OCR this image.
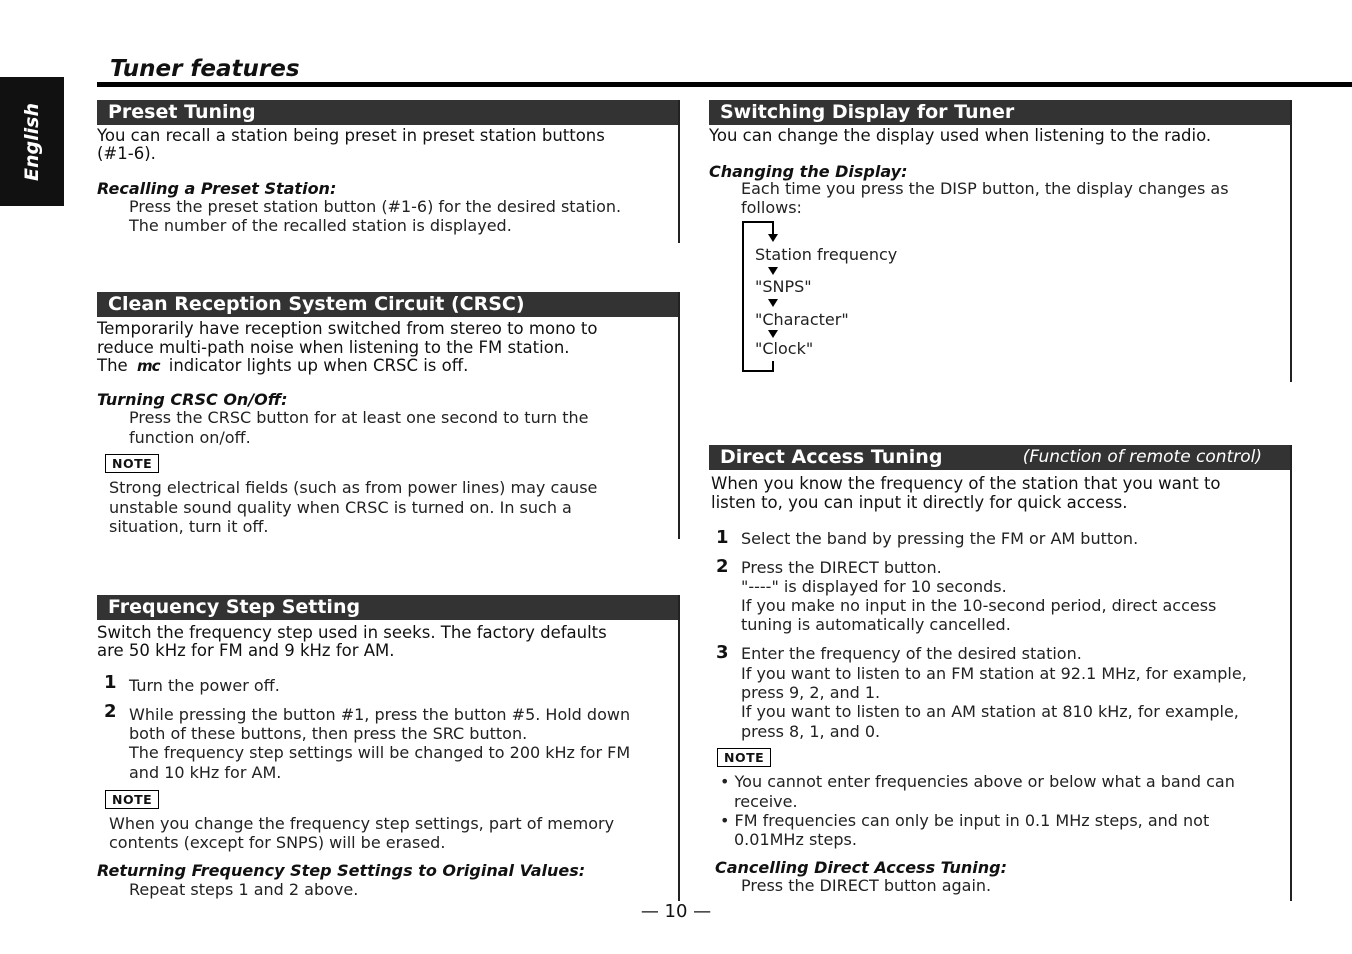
English
Tuner features
Preset Tuning
You can recall a station being preset in preset station buttons
(#1-6).
Recalling a Preset Station:
Press the preset station button (#1-6) for the desired station.
The number of the recalled station is displayed.
Clean Reception System Circuit (CRSC)
Temporarily have reception switched from stereo to mono to
reduce multi-path noise when listening to the FM station.
The mc indicator lights up when CRSC is off.
Turning CRSC On/Off:
Press the CRSC button for at least one second to turn the
function on/off.
NOTE
Strong electrical fields (such as from power lines) may cause
unstable sound quality when CRSC is turned on. In such a
situation, turn it off.
Frequency Step Setting
Switch the frequency step used in seeks. The factory defaults
are 50 kHz for FM and 9 kHz for AM.
1 Turn the power off.
2 While pressing the button #1, press the button #5. Hold down
both of these buttons, then press the SRC button.
The frequency step settings will be changed to 200 kHz for FM
and 10 kHz for AM.
NOTE
When you change the frequency step settings, part of memory
contents (except for SNPS) will be erased.
Returning Frequency Step Settings to Original Values:
Repeat steps 1 and 2 above.
Switching Display for Tuner
You can change the display used when listening to the radio.
Changing the Display:
Each time you press the DISP button, the display changes as
follows:
Station frequency
"SNPS"
"Character"
"Clock"
Direct Access Tuning	(Function of remote control)
When you know the frequency of the station that you want to
listen to, you can input it directly for quick access.
1 Select the band by pressing the FM or AM button.
2 Press the DIRECT button.
"----" is displayed for 10 seconds.
If you make no input in the 10-second period, direct access
tuning is automatically cancelled.
3 Enter the frequency of the desired station.
If you want to listen to an FM station at 92.1 MHz, for example,
press 9, 2, and 1.
If you want to listen to an AM station at 810 kHz, for example,
press 8, 1, and 0.
NOTE
• You cannot enter frequencies above or below what a band can
receive.
• FM frequencies can only be input in 0.1 MHz steps, and not
0.01MHz steps.
Cancelling Direct Access Tuning:
Press the DIRECT button again.
— 10 —
